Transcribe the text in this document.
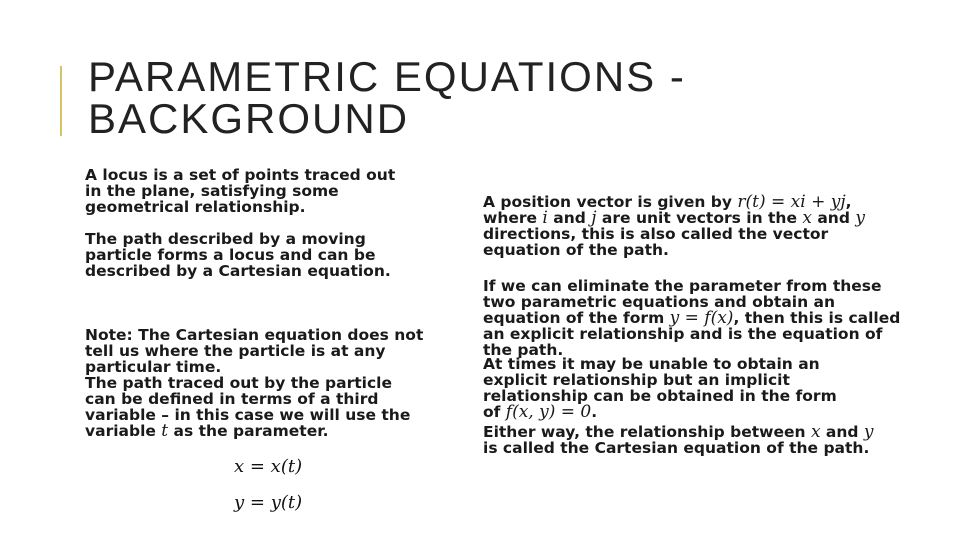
PARAMETRIC EQUATIONS -
BACKGROUND

A locus is a set of points traced out in the plane, satisfying some geometrical relationship.

The path described by a moving particle forms a locus and can be described by a Cartesian equation.

Note: The Cartesian equation does not tell us where the particle is at any particular time.

The path traced out by the particle can be defined in terms of a third variable – in this case we will use the variable t as the parameter.

x = x(t)
y = y(t)

A position vector is given by r(t) = xi + yj, where i and j are unit vectors in the x and y directions, this is also called the vector equation of the path.

If we can eliminate the parameter from these two parametric equations and obtain an equation of the form y = f(x), then this is called an explicit relationship and is the equation of the path.

At times it may be unable to obtain an explicit relationship but an implicit relationship can be obtained in the form of f(x, y) = 0.

Either way, the relationship between x and y is called the Cartesian equation of the path.
